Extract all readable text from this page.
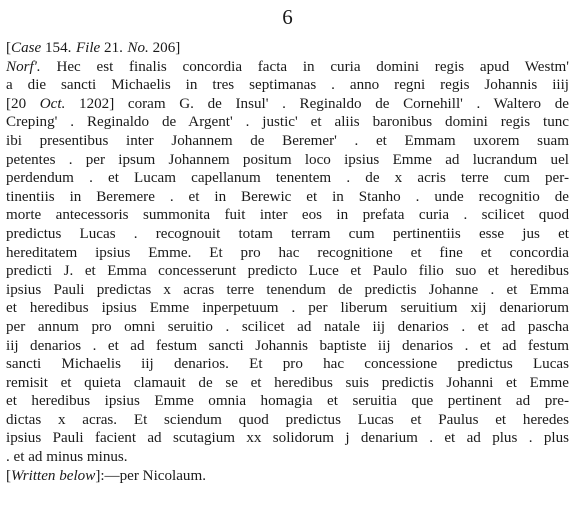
6
[Case 154. File 21. No. 206]
Norf'. Hec est finalis concordia facta in curia domini regis apud Westm'
a die sancti Michaelis in tres septimanas . anno regni regis Johannis iiij
[20 Oct. 1202] coram G. de Insul' . Reginaldo de Cornehill' . Waltero de
Creping' . Reginaldo de Argent' . justic' et aliis baronibus domini regis tunc
ibi presentibus inter Johannem de Beremer' . et Emmam uxorem suam
petentes . per ipsum Johannem positum loco ipsius Emme ad lucrandum uel
perdendum . et Lucam capellanum tenentem . de x acris terre cum per-
tinentiis in Beremere . et in Berewic et in Stanho . unde recognitio de
morte antecessoris summonita fuit inter eos in prefata curia . scilicet quod
predictus Lucas . recognouit totam terram cum pertinentiis esse jus et
hereditatem ipsius Emme. Et pro hac recognitione et fine et concordia
predicti J. et Emma concesserunt predicto Luce et Paulo filio suo et heredibus
ipsius Pauli predictas x acras terre tenendum de predictis Johanne . et Emma
et heredibus ipsius Emme inperpetuum . per liberum seruitium xij denariorum
per annum pro omni seruitio . scilicet ad natale iij denarios . et ad pascha
iij denarios . et ad festum sancti Johannis baptiste iij denarios . et ad festum
sancti Michaelis iij denarios. Et pro hac concessione predictus Lucas
remisit et quieta clamauit de se et heredibus suis predictis Johanni et Emme
et heredibus ipsius Emme omnia homagia et seruitia que pertinent ad pre-
dictas x acras. Et sciendum quod predictus Lucas et Paulus et heredes
ipsius Pauli facient ad scutagium xx solidorum j denarium . et ad plus . plus
. et ad minus minus.
[Written below]:—per Nicolaum.
